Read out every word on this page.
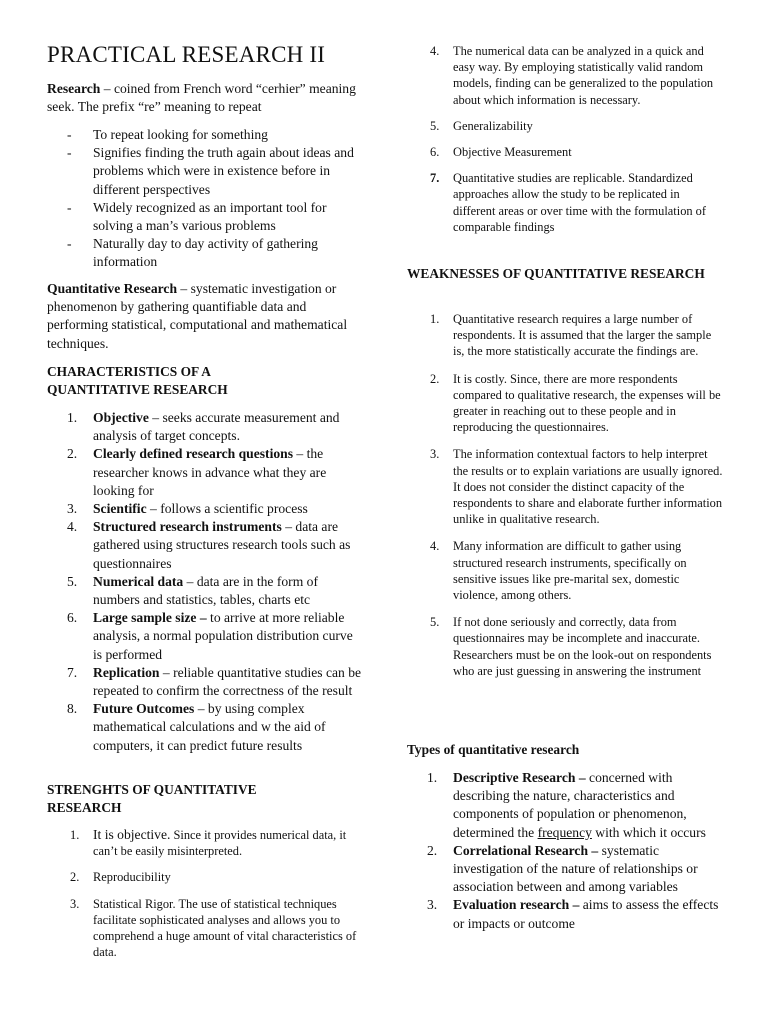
PRACTICAL RESEARCH II

Research – coined from French word “cerhier” meaning seek. The prefix “re” meaning to repeat

- To repeat looking for something
- Signifies finding the truth again about ideas and problems which were in existence before in different perspectives
- Widely recognized as an important tool for solving a man’s various problems
- Naturally day to day activity of gathering information

Quantitative Research – systematic investigation or phenomenon by gathering quantifiable data and performing statistical, computational and mathematical techniques.

CHARACTERISTICS OF A QUANTITATIVE RESEARCH
1.	Objective – seeks accurate measurement and analysis of target concepts.
2.	Clearly defined research questions – the researcher knows in advance what they are looking for
3.	Scientific – follows a scientific process
4.	Structured research instruments – data are gathered using structures research tools such as questionnaires
5.	Numerical data – data are in the form of numbers and statistics, tables, charts etc
6.	Large sample size – to arrive at more reliable analysis, a normal population distribution curve is performed
7.	Replication – reliable quantitative studies can be repeated to confirm the correctness of the result
8.	Future Outcomes – by using complex mathematical calculations and w the aid of computers, it can predict future results
STRENGHTS OF QUANTITATIVE RESEARCH
1. It is objective. Since it provides numerical data, it can’t be easily misinterpreted.
2. Reproducibility
3. Statistical Rigor. The use of statistical techniques facilitate sophisticated analyses and allows you to comprehend a huge amount of vital characteristics of data.
4. The numerical data can be analyzed in a quick and easy way. By employing statistically valid random models, finding can be generalized to the population about which information is necessary.
5. Generalizability
6. Objective Measurement
7. Quantitative studies are replicable. Standardized approaches allow the study to be replicated in different areas or over time with the formulation of comparable findings
WEAKNESSES OF QUANTITATIVE RESEARCH
1. Quantitative research requires a large number of respondents. It is assumed that the larger the sample is, the more statistically accurate the findings are.
2. It is costly. Since, there are more respondents compared to qualitative research, the expenses will be greater in reaching out to these people and in reproducing the questionnaires.
3. The information contextual factors to help interpret the results or to explain variations are usually ignored. It does not consider the distinct capacity of the respondents to share and elaborate further information unlike in qualitative research.
4. Many information are difficult to gather using structured research instruments, specifically on sensitive issues like pre-marital sex, domestic violence, among others.
5. If not done seriously and correctly, data from questionnaires may be incomplete and inaccurate. Researchers must be on the look-out on respondents who are just guessing in answering the instrument
Types of quantitative research
1.	Descriptive Research – concerned with describing the nature, characteristics and components of population or phenomenon, determined the frequency with which it occurs
2.	Correlational Research – systematic investigation of the nature of relationships or association between and among variables
3.	Evaluation research – aims to assess the effects or impacts or outcome
